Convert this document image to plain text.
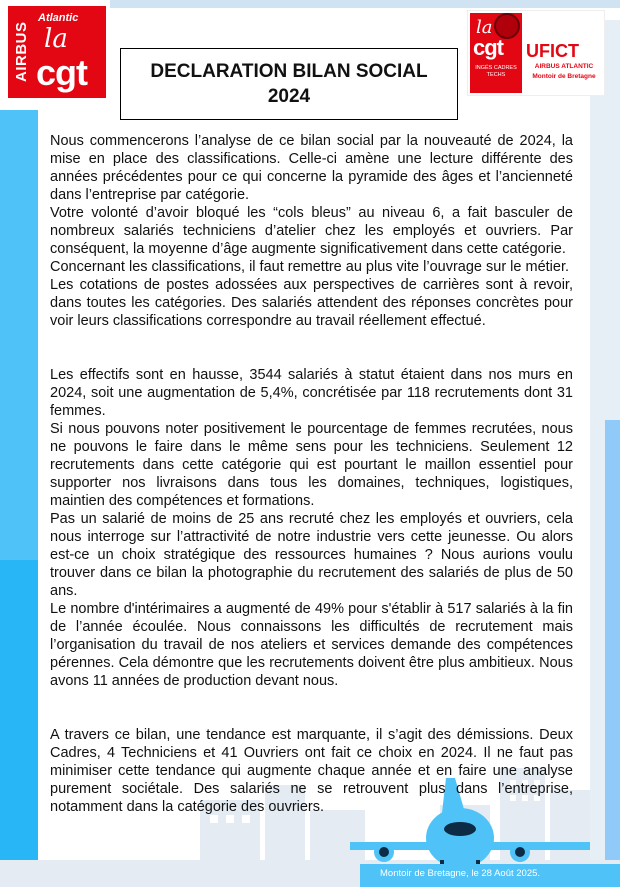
AIRBUS
Atlantic
la
cgt
la
cgt
INGÉS CADRES TECHS
UFICT
AIRBUS ATLANTIC
Montoir de Bretagne
DECLARATION BILAN SOCIAL
2024

Nous commencerons l’analyse de ce bilan social par la nouveauté de 2024, la mise en place des classifications. Celle-ci amène une lecture différente des années précédentes pour ce qui concerne la pyramide des âges et l’ancienneté dans l’entreprise par catégorie.

Votre volonté d’avoir bloqué les “cols bleus” au niveau 6, a fait basculer de nombreux salariés techniciens d’atelier chez les employés et ouvriers. Par conséquent, la moyenne d’âge augmente significativement dans cette catégorie.

Concernant les classifications, il faut remettre au plus vite l’ouvrage sur le métier.

Les cotations de postes adossées aux perspectives de carrières sont à revoir, dans toutes les catégories. Des salariés attendent des réponses concrètes pour voir leurs classifications correspondre au travail réellement effectué.

Les effectifs sont en hausse, 3544 salariés à statut étaient dans nos murs en 2024, soit une augmentation de 5,4%, concrétisée par 118 recrutements dont 31 femmes.

Si nous pouvons noter positivement le pourcentage de femmes recrutées, nous ne pouvons le faire dans le même sens pour les techniciens. Seulement 12 recrutements dans cette catégorie qui est pourtant le maillon essentiel pour supporter nos livraisons dans tous les domaines, techniques, logistiques, maintien des compétences et formations.

Pas un salarié de moins de 25 ans recruté chez les employés et ouvriers, cela nous interroge sur l’attractivité de notre industrie vers cette jeunesse. Ou alors est-ce un choix stratégique des ressources humaines ? Nous aurions voulu trouver dans ce bilan la photographie du recrutement des salariés de plus de 50 ans.

Le nombre d'intérimaires a augmenté de 49% pour s'établir à 517 salariés à la fin de l’année écoulée. Nous connaissons les difficultés de recrutement mais l’organisation du travail de nos ateliers et services demande des compétences pérennes. Cela démontre que les recrutements doivent être plus ambitieux. Nous avons 11 années de production devant nous.

A travers ce bilan, une tendance est marquante, il s’agit des démissions. Deux Cadres, 4 Techniciens et 41 Ouvriers ont fait ce choix en 2024. Il ne faut pas minimiser cette tendance qui augmente chaque année et en faire une analyse purement sociétale. Des salariés ne se retrouvent plus dans l’entreprise, notamment dans la catégorie des ouvriers.

Montoir de Bretagne, le 28 Août 2025.
